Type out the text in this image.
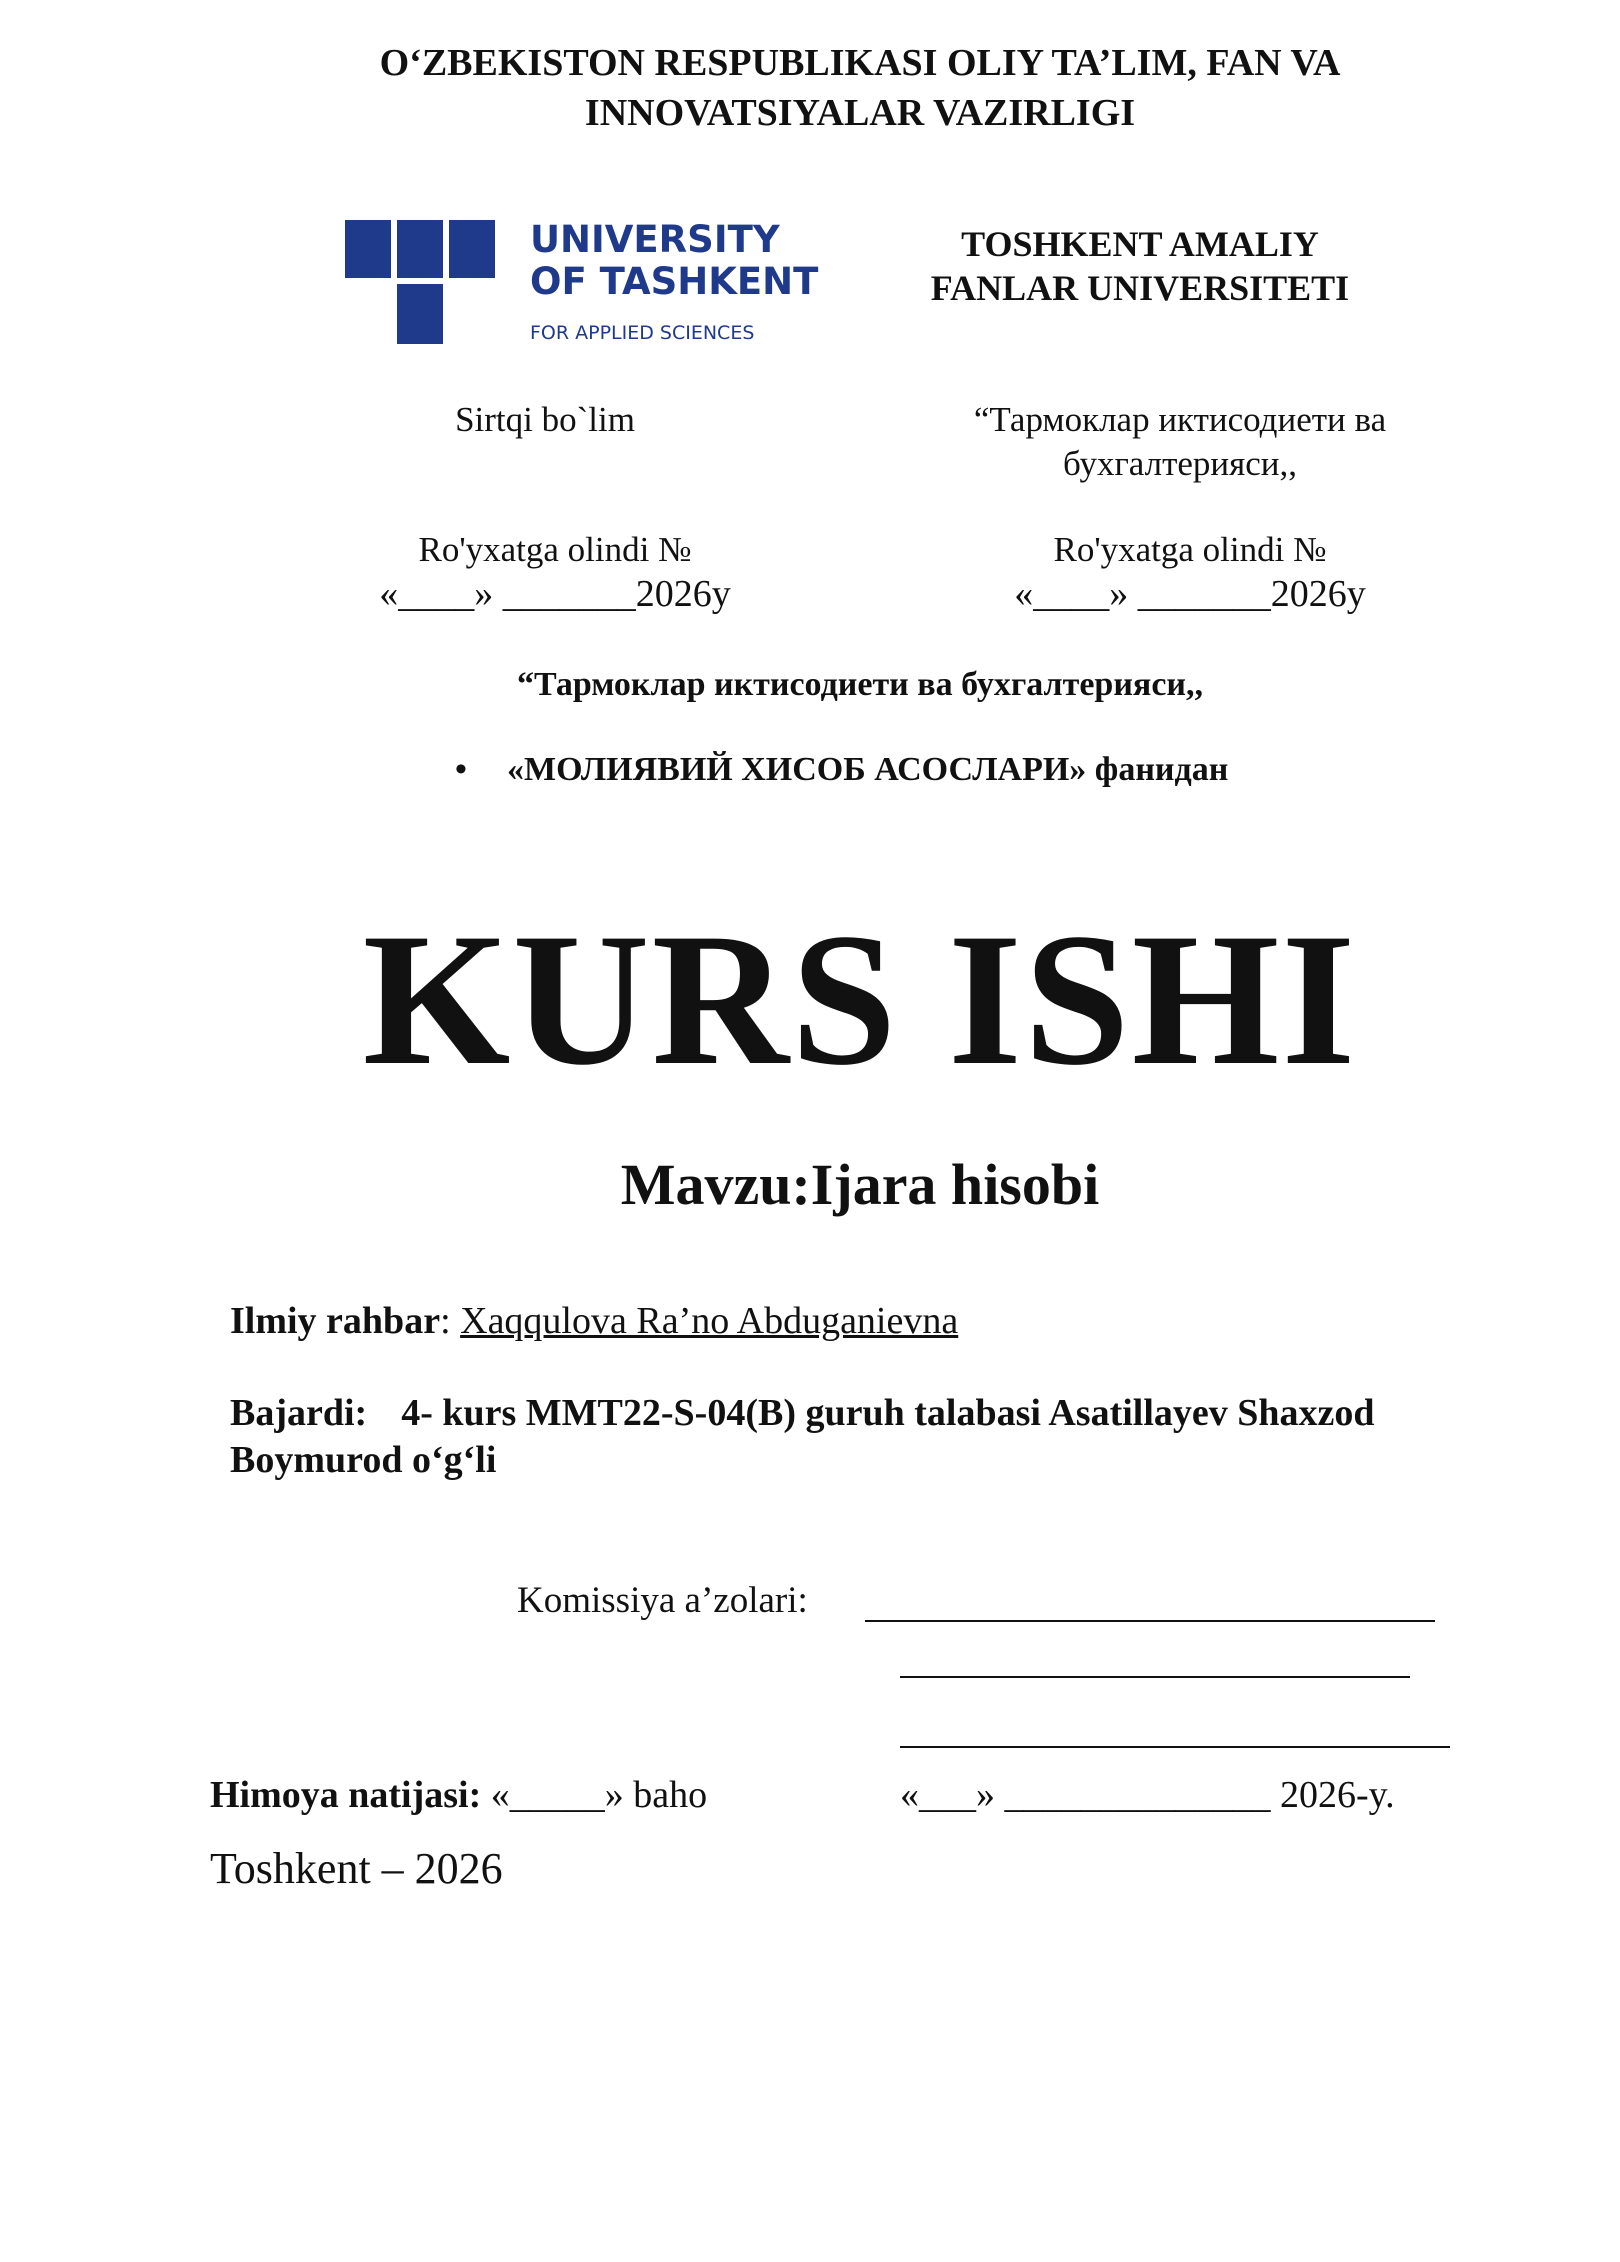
O‘ZBEKISTON RESPUBLIKASI OLIY TA’LIM, FAN VA
INNOVATSIYALAR VAZIRLIGI
UNIVERSITY
OF TASHKENT
FOR APPLIED SCIENCES
TOSHKENT AMALIY
FANLAR UNIVERSITETI
Sirtqi bo`lim	“Тармоклар иктисодиети ва
бухгалтерияси,,
Ro'yxatga olindi №
«____» _______2026y
Ro'yxatga olindi №
«____» _______2026y
“Тармоклар иктисодиети ва бухгалтерияси,,
• «МОЛИЯВИЙ ХИСОБ АСОСЛАРИ» фанидан
KURS ISHI
Mavzu:Ijara hisobi
Ilmiy rahbar: Xaqqulova Ra’no Abduganievna
Bajardi: 4- kurs MMT22-S-04(B) guruh talabasi Asatillayev Shaxzod
Boymurod o‘g‘li
Komissiya a’zolari:
Himoya natijasi: «_____» baho	«___» ______________ 2026-y.
Toshkent – 2026
